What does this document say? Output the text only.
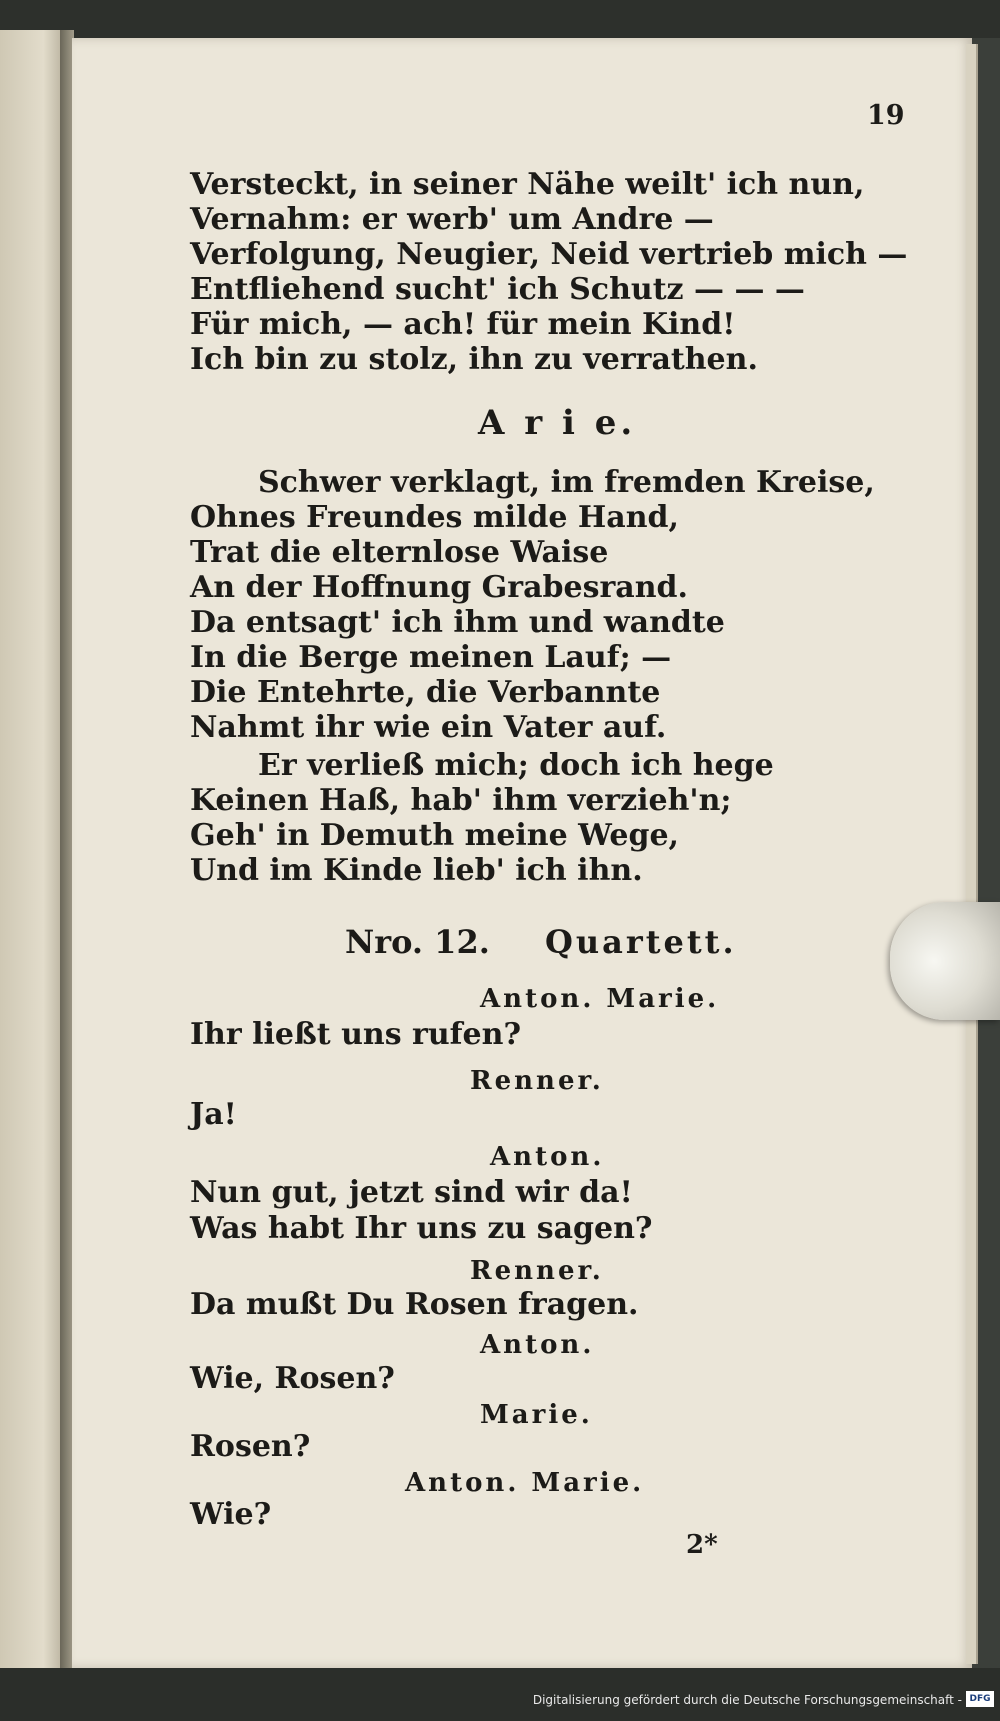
19
Versteckt, in seiner Nähe weilt' ich nun,
Vernahm: er werb' um Andre —
Verfolgung, Neugier, Neid vertrieb mich —
Entfliehend sucht' ich Schutz — — —
Für mich, — ach! für mein Kind!
Ich bin zu stolz, ihn zu verrathen.
A r i e.
Schwer verklagt, im fremden Kreise,
Ohnes Freundes milde Hand,
Trat die elternlose Waise
An der Hoffnung Grabesrand.
Da entsagt' ich ihm und wandte
In die Berge meinen Lauf; —
Die Entehrte, die Verbannte
Nahmt ihr wie ein Vater auf.
Er verließ mich; doch ich hege
Keinen Haß, hab' ihm verzieh'n;
Geh' in Demuth meine Wege,
Und im Kinde lieb' ich ihn.
Nro. 12. Quartett.
Anton. Marie.
Ihr ließt uns rufen?
Renner.
Ja!
Anton.
Nun gut, jetzt sind wir da!
Was habt Ihr uns zu sagen?
Renner.
Da mußt Du Rosen fragen.
Anton.
Wie, Rosen?
Marie.
Rosen?
Anton. Marie.
Wie?
2*
Digitalisierung gefördert durch die Deutsche Forschungsgemeinschaft - DFG
